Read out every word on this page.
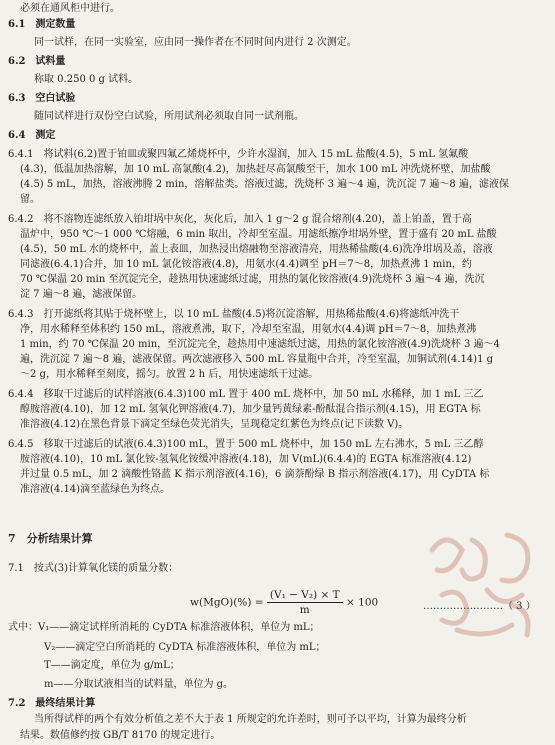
必须在通风柜中进行。
6.1　测定数量
同一试样，在同一实验室，应由同一操作者在不同时间内进行 2 次测定。
6.2　试料量
称取 0.250 0 g 试料。
6.3　空白试验
随同试样进行双份空白试验，所用试剂必须取自同一试剂瓶。
6.4　测定
6.4.1　将试料(6.2)置于铂皿或聚四氟乙烯烧杯中，少许水湿润，加入 15 mL 盐酸(4.5)，5 mL 氢氟酸
(4.3)，低温加热溶解，加 10 mL 高氯酸(4.2)，加热赶尽高氯酸至干，加水 100 mL 冲洗烧杯壁，加盐酸
(4.5) 5 mL，加热，溶液沸腾 2 min，溶解盐类。溶液过滤，洗烧杯 3 遍～4 遍，洗沉淀 7 遍～8 遍，滤液保
留。
6.4.2　将不溶物连滤纸放入铂坩埚中灰化，灰化后，加入 1 g～2 g 混合熔剂(4.20)，盖上铂盖，置于高
温炉中，950 ℃～1 000 ℃熔融，6 min 取出，冷却至室温。用滤纸擦净坩埚外壁，置于盛有 20 mL 盐酸
(4.5)，50 mL 水的烧杯中，盖上表皿，加热浸出熔融物至溶液清亮，用热稀盐酸(4.6)洗净坩埚及盖，溶液
同滤液(6.4.1)合并，加 10 mL 氯化铵溶液(4.8)，用氨水(4.4)调至 pH＝7～8，加热煮沸 1 min，约
70 ℃保温 20 min 至沉淀完全，趁热用快速滤纸过滤，用热的氯化铵溶液(4.9)洗烧杯 3 遍～4 遍，洗沉
淀 7 遍～8 遍，滤液保留。
6.4.3　打开滤纸将其贴于烧杯壁上，以 10 mL 盐酸(4.5)将沉淀溶解，用热稀盐酸(4.6)将滤纸冲洗干
净，用水稀释至体积约 150 mL，溶液煮沸，取下，冷却至室温，用氨水(4.4)调 pH＝7～8，加热煮沸
1 min，约 70 ℃保温 20 min，至沉淀完全，趁热用中速滤纸过滤，用热的氯化铵溶液(4.9)洗烧杯 3 遍～4
遍，洗沉淀 7 遍～8 遍，滤液保留。两次滤液移入 500 mL 容量瓶中合并，冷至室温，加铜试剂(4.14)1 g
～2 g，用水稀释至刻度，摇匀。放置 2 h 后，用快速滤纸干过滤。
6.4.4　移取干过滤后的试样溶液(6.4.3)100 mL 置于 400 mL 烧杯中，加 50 mL 水稀释，加 1 mL 三乙
醇胺溶液(4.10)，加 12 mL 氢氧化钾溶液(4.7)，加少量钙黄绿素-酚酞混合指示剂(4.15)，用 EGTA 标
准溶液(4.12)在黑色背景下滴定至绿色荧光消失，呈现稳定红紫色为终点(记下读数 V)。
6.4.5　移取干过滤后的试液(6.4.3)100 mL，置于 500 mL 烧杯中，加 150 mL 左右沸水，5 mL 三乙醇
胺溶液(4.10)，10 mL 氯化铵-氢氧化铵缓冲溶液(4.18)，加 V(mL)(6.4.4)的 EGTA 标准溶液(4.12)
并过量 0.5 mL，加 2 滴酸性铬蓝 K 指示剂溶液(4.16)，6 滴萘酚绿 B 指示剂溶液(4.17)，用 CyDTA 标
准溶液(4.14)滴至蓝绿色为终点。
7　分析结果计算
7.1　按式(3)计算氧化镁的质量分数：
式中：V₁——滴定试样所消耗的 CyDTA 标准溶液体积，单位为 mL；
V₂——滴定空白所消耗的 CyDTA 标准溶液体积，单位为 mL；
T——滴定度，单位为 g/mL；
m——分取试液相当的试料量，单位为 g。
7.2　最终结果计算
当所得试样的两个有效分析值之差不大于表 1 所规定的允许差时，则可予以平均，计算为最终分析
结果。数值修约按 GB/T 8170 的规定进行。
$w(MgO)(\%) = \frac{\text{(V₁ − V₂) × T}}{m} \times 100$	……………………（ 3 ）
